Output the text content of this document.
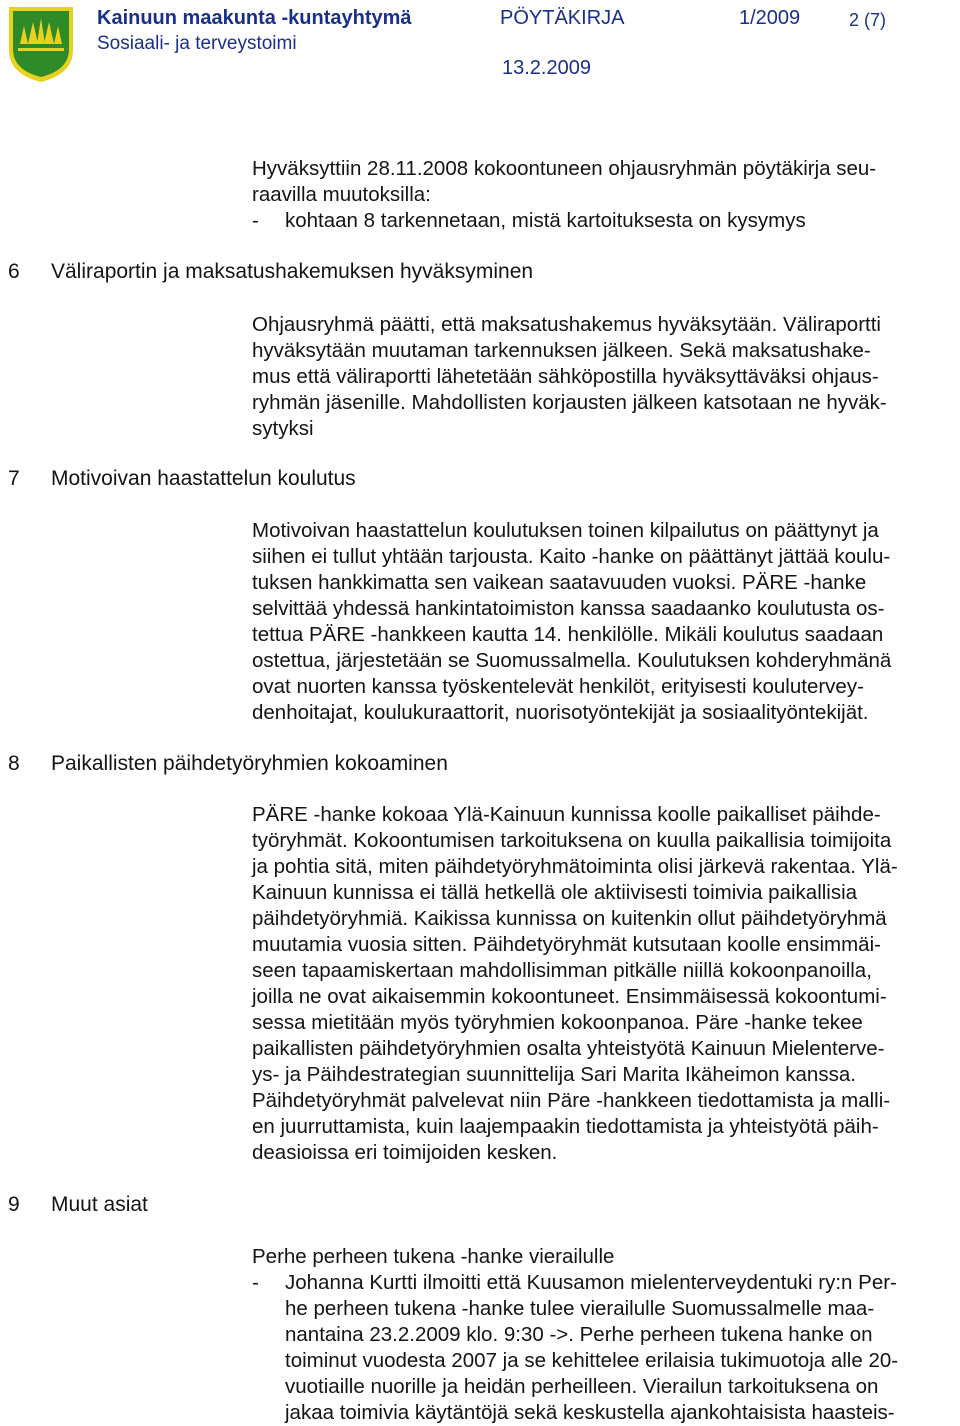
Kainuun maakunta -kuntayhtymä
Sosiaali- ja terveystoimi
PÖYTÄKIRJA	1/2009	2 (7)
13.2.2009

Hyväksyttiin 28.11.2008 kokoontuneen ohjausryhmän pöytäkirja seu-

raavilla muutoksilla:

- kohtaan 8 tarkennetaan, mistä kartoituksesta on kysymys

6 Väliraportin ja maksatushakemuksen hyväksyminen

Ohjausryhmä päätti, että maksatushakemus hyväksytään. Väliraportti

hyväksytään muutaman tarkennuksen jälkeen. Sekä maksatushake-

mus että väliraportti lähetetään sähköpostilla hyväksyttäväksi ohjaus-

ryhmän jäsenille. Mahdollisten korjausten jälkeen katsotaan ne hyväk-

sytyksi

7 Motivoivan haastattelun koulutus

Motivoivan haastattelun koulutuksen toinen kilpailutus on päättynyt ja

siihen ei tullut yhtään tarjousta. Kaito -hanke on päättänyt jättää koulu-

tuksen hankkimatta sen vaikean saatavuuden vuoksi. PÄRE -hanke

selvittää yhdessä hankintatoimiston kanssa saadaanko koulutusta os-

tettua PÄRE -hankkeen kautta 14. henkilölle. Mikäli koulutus saadaan

ostettua, järjestetään se Suomussalmella. Koulutuksen kohderyhmänä

ovat nuorten kanssa työskentelevät henkilöt, erityisesti koulutervey-

denhoitajat, koulukuraattorit, nuorisotyöntekijät ja sosiaalityöntekijät.

8 Paikallisten päihdetyöryhmien kokoaminen

PÄRE -hanke kokoaa Ylä-Kainuun kunnissa koolle paikalliset päihde-

työryhmät. Kokoontumisen tarkoituksena on kuulla paikallisia toimijoita

ja pohtia sitä, miten päihdetyöryhmätoiminta olisi järkevä rakentaa. Ylä-

Kainuun kunnissa ei tällä hetkellä ole aktiivisesti toimivia paikallisia

päihdetyöryhmiä. Kaikissa kunnissa on kuitenkin ollut päihdetyöryhmä

muutamia vuosia sitten. Päihdetyöryhmät kutsutaan koolle ensimmäi-

seen tapaamiskertaan mahdollisimman pitkälle niillä kokoonpanoilla,

joilla ne ovat aikaisemmin kokoontuneet. Ensimmäisessä kokoontumi-

sessa mietitään myös työryhmien kokoonpanoa. Päre -hanke tekee

paikallisten päihdetyöryhmien osalta yhteistyötä Kainuun Mielenterve-

ys- ja Päihdestrategian suunnittelija Sari Marita Ikäheimon kanssa.

Päihdetyöryhmät palvelevat niin Päre -hankkeen tiedottamista ja malli-

en juurruttamista, kuin laajempaakin tiedottamista ja yhteistyötä päih-

deasioissa eri toimijoiden kesken.

9 Muut asiat

Perhe perheen tukena -hanke vierailulle

- Johanna Kurtti ilmoitti että Kuusamon mielenterveydentuki ry:n Per-

he perheen tukena -hanke tulee vierailulle Suomussalmelle maa-

nantaina 23.2.2009 klo. 9:30 ->. Perhe perheen tukena hanke on

toiminut vuodesta 2007 ja se kehittelee erilaisia tukimuotoja alle 20-

vuotiaille nuorille ja heidän perheilleen. Vierailun tarkoituksena on

jakaa toimivia käytäntöjä sekä keskustella ajankohtaisista haasteis-
